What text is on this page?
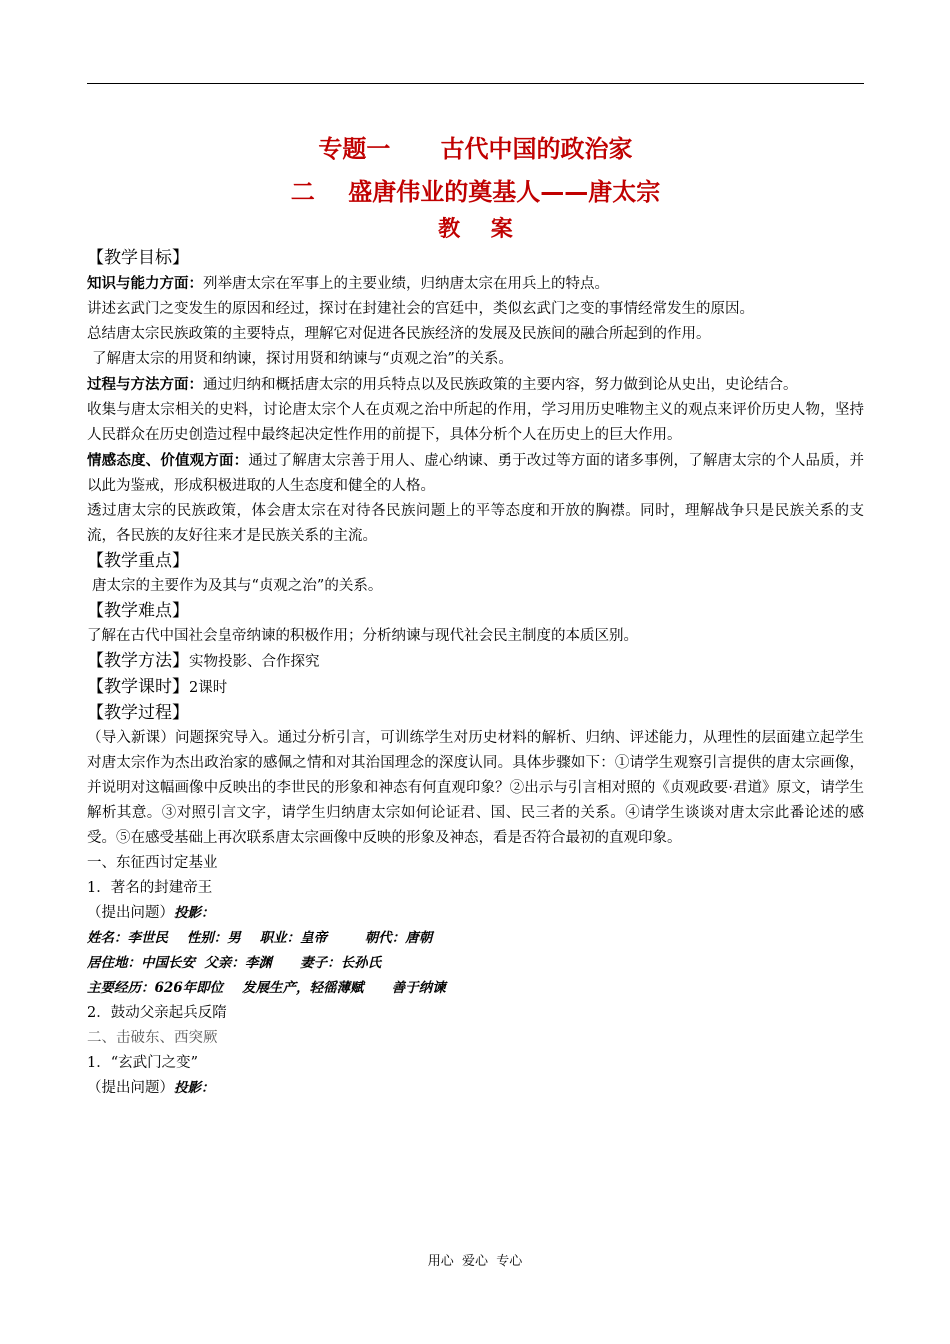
专题一      古代中国的政治家
二    盛唐伟业的奠基人——唐太宗
教    案
【教学目标】

知识与能力方面：列举唐太宗在军事上的主要业绩，归纳唐太宗在用兵上的特点。

讲述玄武门之变发生的原因和经过，探讨在封建社会的宫廷中，类似玄武门之变的事情经常发生的原因。

总结唐太宗民族政策的主要特点，理解它对促进各民族经济的发展及民族间的融合所起到的作用。

了解唐太宗的用贤和纳谏，探讨用贤和纳谏与“贞观之治”的关系。

过程与方法方面：通过归纳和概括唐太宗的用兵特点以及民族政策的主要内容，努力做到论从史出，史论结合。

收集与唐太宗相关的史料，讨论唐太宗个人在贞观之治中所起的作用，学习用历史唯物主义的观点来评价历史人物，坚持人民群众在历史创造过程中最终起决定性作用的前提下，具体分析个人在历史上的巨大作用。

情感态度、价值观方面：通过了解唐太宗善于用人、虚心纳谏、勇于改过等方面的诸多事例，了解唐太宗的个人品质，并以此为鉴戒，形成积极进取的人生态度和健全的人格。

透过唐太宗的民族政策，体会唐太宗在对待各民族问题上的平等态度和开放的胸襟。同时，理解战争只是民族关系的支流，各民族的友好往来才是民族关系的主流。

【教学重点】

唐太宗的主要作为及其与“贞观之治”的关系。

【教学难点】

了解在古代中国社会皇帝纳谏的积极作用；分析纳谏与现代社会民主制度的本质区别。

【教学方法】实物投影、合作探究
【教学课时】2课时
【教学过程】

（导入新课）问题探究导入。通过分析引言，可训练学生对历史材料的解析、归纳、评述能力，从理性的层面建立起学生对唐太宗作为杰出政治家的感佩之情和对其治国理念的深度认同。具体步骤如下：①请学生观察引言提供的唐太宗画像，并说明对这幅画像中反映出的李世民的形象和神态有何直观印象？②出示与引言相对照的《贞观政要·君道》原文，请学生解析其意。③对照引言文字，请学生归纳唐太宗如何论证君、国、民三者的关系。④请学生谈谈对唐太宗此番论述的感受。⑤在感受基础上再次联系唐太宗画像中反映的形象及神态，看是否符合最初的直观印象。

一、东征西讨定基业

1．著名的封建帝王

（提出问题）投影：

姓名：李世民    性别：男    职业：皇帝        朝代：唐朝

居住地：中国长安  父亲：李渊      妻子：长孙氏

主要经历：626年即位    发展生产，轻徭薄赋      善于纳谏

2．鼓动父亲起兵反隋

二、击破东、西突厥

1．“玄武门之变”

（提出问题）投影：

用心  爱心  专心
